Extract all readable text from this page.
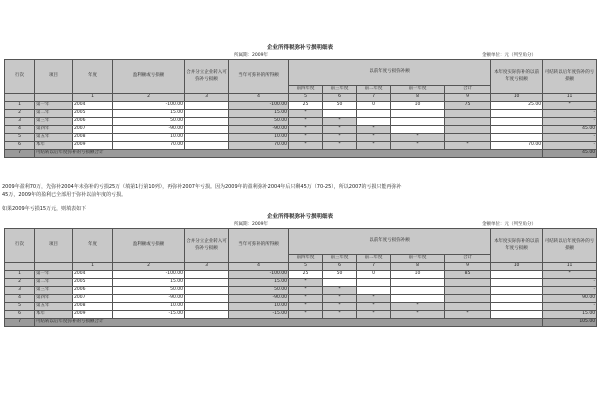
企业所得税弥补亏损明细表
所属期：2009年	金额单位：元（列至角分）
行次	项目	年度	盈利额或亏损额	合并分立企业转入可弥补亏损额	当年可弥补的所得额	以前年度亏损弥补额					本年度实际弥补的以前年度亏损额	可结转以后年度弥补的亏损额
						前四年度	前三年度	前二年度	前一年度	合计		
		1	2	3	4	5	6	7	8	9	10	11
1	第一年	2004	-100.00		-100.00	25	50	0	10	75	25.00	*
2	第二年	2005	15.00		15.00	*						-
3	第三年	2006	50.00		50.00	*	*					-
4	第四年	2007	-90.00		-90.00	*	*	*				45.00
5	第五年	2008	10.00		10.00	*	*	*	*			-
6	本年	2009	70.00		70.00	*	*	*	*	*	70.00	-
7	可结转以后年度弥补的亏损额合计											45.00
2009年盈利70万，先弥补2004年未弥补的亏损25万（填第1行第10列），再弥补2007年亏损。因为2009年的盈利弥补2004年后只剩45万（70-25），所以2007的亏损只能再弥补
45万，2009年的盈利已全部用于弥补以前年度的亏损。
如果2009年亏损15万元，则填表如下
企业所得税弥补亏损明细表
所属期：2009年	金额单位：元（列至角分）
行次	项目	年度	盈利额或亏损额	合并分立企业转入可弥补亏损额	当年可弥补的所得额	以前年度亏损弥补额					本年度实际弥补的以前年度亏损额	可结转以后年度弥补的亏损额
						前四年度	前三年度	前二年度	前一年度	合计		
		1	2	3	4	5	6	7	8	9	10	11
1	第一年	2004	-100.00		-100.00	25	50	0	10	85		*
2	第二年	2005	15.00		15.00	*						-
3	第三年	2006	50.00		50.00	*	*					-
4	第四年	2007	-90.00		-90.00	*	*	*				90.00
5	第五年	2008	10.00		10.00	*	*	*	*			-
6	本年	2009	-15.00		-15.00	*	*	*	*	*		15.00
7	可结转以后年度弥补的亏损额合计											105.00
